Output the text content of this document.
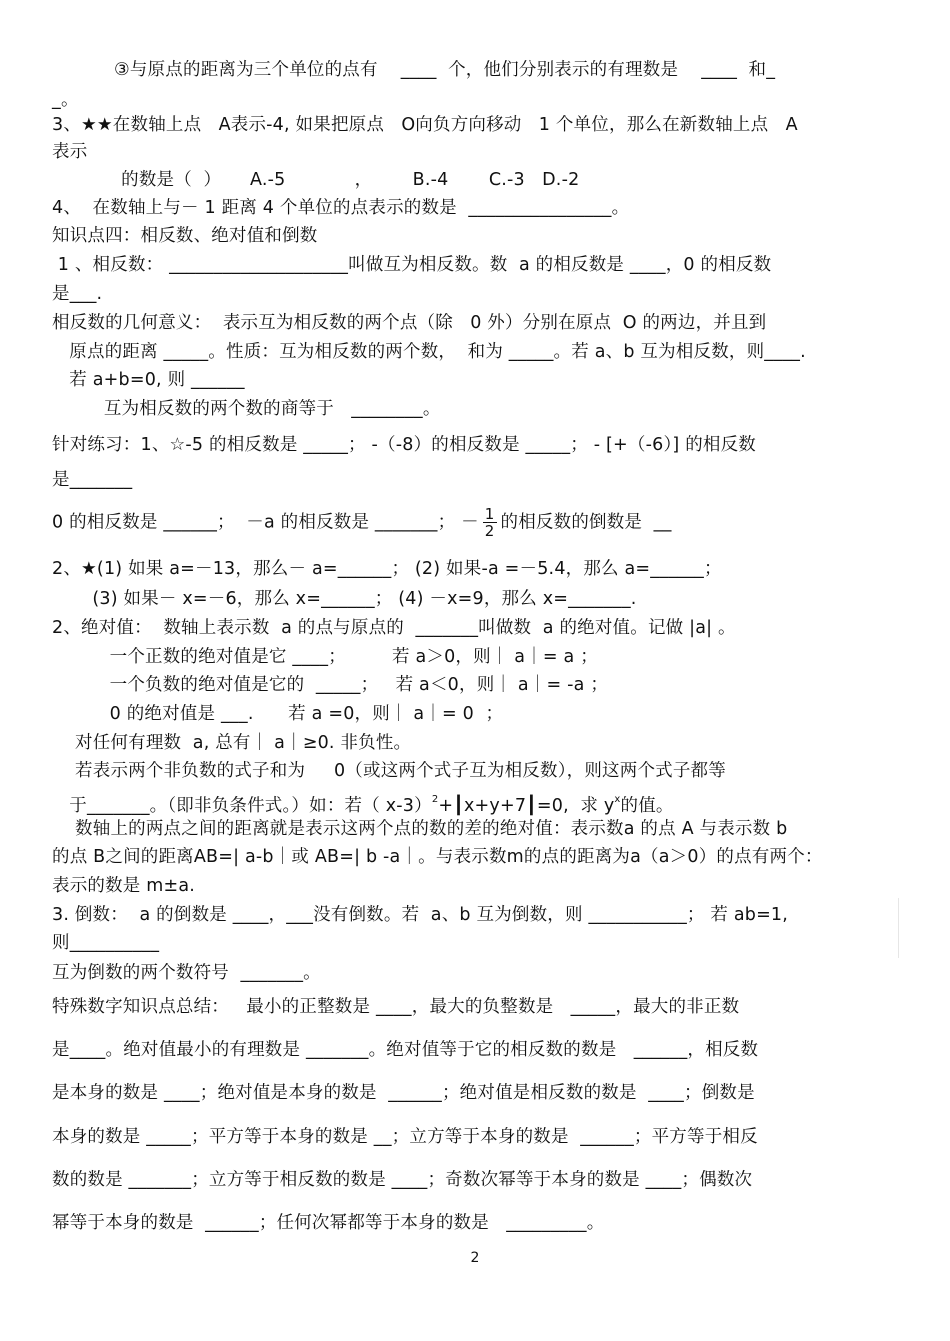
③与原点的距离为三个单位的点有    ____  个，他们分别表示的有理数是    ____  和_
_。
3、★★在数轴上点   A表示-4, 如果把原点   O向负方向移动   1 个单位，那么在新数轴上点   A
表示
的数是（  ）     A.-5            ，       B.-4       C.-3   D.-2
4、  在数轴上与－ 1 距离 4 个单位的点表示的数是  ________________。
知识点四：相反数、绝对值和倒数
1 、相反数： ____________________叫做互为相反数。数  a 的相反数是 ____，0 的相反数
是___.
相反数的几何意义：  表示互为相反数的两个点（除   0 外）分别在原点  O 的两边，并且到
原点的距离 _____。性质：互为相反数的两个数，  和为 _____。若 a、b 互为相反数，则____.
若 a+b=0, 则 ______
互为相反数的两个数的商等于   ________。
针对练习：1、☆-5 的相反数是 _____； -（-8）的相反数是 _____； - [+（-6）] 的相反数
是_______
0 的相反数是 ______；  －a 的相反数是 _______； － $\frac{1}{2}$ 的相反数的倒数是  __
2、★(1) 如果 a=－13，那么－ a=______； (2) 如果-a =－5.4，那么 a=______；
(3) 如果－ x=－6，那么 x=______； (4) －x=9，那么 x=_______.
2、绝对值：  数轴上表示数  a 的点与原点的  _______叫做数  a 的绝对值。记做 |a| 。
一个正数的绝对值是它 ____；        若 a＞0，则｜ a｜= a ；
一个负数的绝对值是它的  _____；   若 a＜0，则｜ a｜= -a ；
0 的绝对值是 ___.      若 a =0，则｜ a｜= 0  ；
对任何有理数  a, 总有｜ a｜≥0. 非负性。
若表示两个非负数的式子和为     0（或这两个式子互为相反数），则这两个式子都等
于_______。（即非负条件式。）如：若（ x-3）$^2$+┃x+y+7┃=0,  求 $y^x$的值。
数轴上的两点之间的距离就是表示这两个点的数的差的绝对值：表示数a 的点 A 与表示数 b
的点 B之间的距离AB=| a-b｜或 AB=| b -a｜。与表示数m的点的距离为a（a＞0）的点有两个：
表示的数是 m±a.
3. 倒数：  a 的倒数是 ____，___没有倒数。若  a、b 互为倒数，则 ___________； 若 ab=1,
则__________
互为倒数的两个数符号  _______。
特殊数字知识点总结：   最小的正整数是 ____，最大的负整数是   _____，最大的非正数
是____。绝对值最小的有理数是 _______。绝对值等于它的相反数的数是   ______，相反数
是本身的数是 ____；绝对值是本身的数是  ______；绝对值是相反数的数是  ____；倒数是
本身的数是 _____；平方等于本身的数是 __；立方等于本身的数是  ______；平方等于相反
数的数是 _______；立方等于相反数的数是 ____；奇数次幂等于本身的数是 ____；偶数次
幂等于本身的数是  ______；任何次幂都等于本身的数是   _________。
2
